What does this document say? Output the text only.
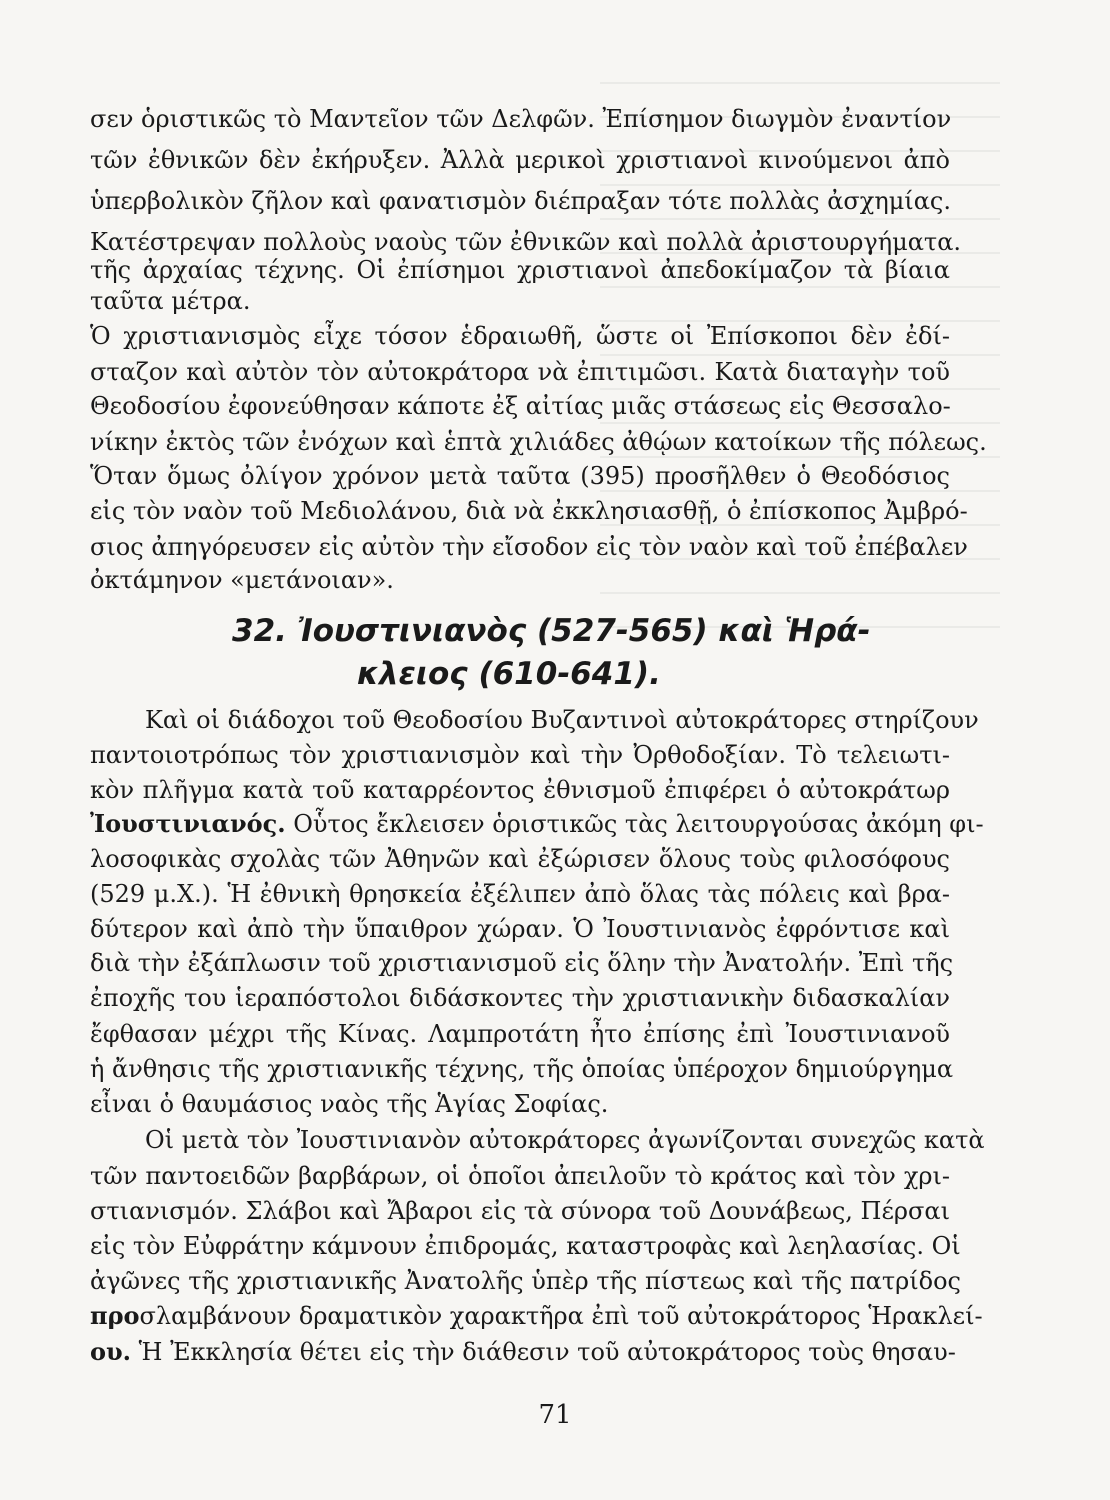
σεν ὁριστικῶς τὸ Μαντεῖον τῶν Δελφῶν. Ἐπίσημον διωγμὸν ἐναντίον
τῶν ἐθνικῶν δὲν ἐκήρυξεν. Ἀλλὰ μερικοὶ χριστιανοὶ κινούμενοι ἀπὸ
ὑπερβολικὸν ζῆλον καὶ φανατισμὸν διέπραξαν τότε πολλὰς ἀσχημίας.
Κατέστρεψαν πολλοὺς ναοὺς τῶν ἐθνικῶν καὶ πολλὰ ἀριστουργήματα.
τῆς ἀρχαίας τέχνης. Οἱ ἐπίσημοι χριστιανοὶ ἀπεδοκίμαζον τὰ βίαια
ταῦτα μέτρα.
Ὁ χριστιανισμὸς εἶχε τόσον ἑδραιωθῆ, ὥστε οἱ Ἐπίσκοποι δὲν ἐδί-
σταζον καὶ αὐτὸν τὸν αὐτοκράτορα νὰ ἐπιτιμῶσι. Κατὰ διαταγὴν τοῦ
Θεοδοσίου ἐφονεύθησαν κάποτε ἐξ αἰτίας μιᾶς στάσεως εἰς Θεσσαλο-
νίκην ἐκτὸς τῶν ἐνόχων καὶ ἑπτὰ χιλιάδες ἀθῴων κατοίκων τῆς πόλεως.
Ὅταν ὅμως ὀλίγον χρόνον μετὰ ταῦτα (395) προσῆλθεν ὁ Θεοδόσιος
εἰς τὸν ναὸν τοῦ Μεδιολάνου, διὰ νὰ ἐκκλησιασθῇ, ὁ ἐπίσκοπος Ἀμβρό-
σιος ἀπηγόρευσεν εἰς αὐτὸν τὴν εἴσοδον εἰς τὸν ναὸν καὶ τοῦ ἐπέβαλεν
ὀκτάμηνον «μετάνοιαν».
32. Ἰουστινιανὸς (527-565) καὶ Ἡρά-
κλειος (610-641).
Καὶ οἱ διάδοχοι τοῦ Θεοδοσίου Βυζαντινοὶ αὐτοκράτορες στηρίζουν
παντοιοτρόπως τὸν χριστιανισμὸν καὶ τὴν Ὀρθοδοξίαν. Τὸ τελειωτι-
κὸν πλῆγμα κατὰ τοῦ καταρρέοντος ἐθνισμοῦ ἐπιφέρει ὁ αὐτοκράτωρ
Ἰουστινιανός. Οὗτος ἔκλεισεν ὁριστικῶς τὰς λειτουργούσας ἀκόμη φι-
λοσοφικὰς σχολὰς τῶν Ἀθηνῶν καὶ ἐξώρισεν ὅλους τοὺς φιλοσόφους
(529 μ.Χ.). Ἡ ἐθνικὴ θρησκεία ἐξέλιπεν ἀπὸ ὅλας τὰς πόλεις καὶ βρα-
δύτερον καὶ ἀπὸ τὴν ὕπαιθρον χώραν. Ὁ Ἰουστινιανὸς ἐφρόντισε καὶ
διὰ τὴν ἐξάπλωσιν τοῦ χριστιανισμοῦ εἰς ὅλην τὴν Ἀνατολήν. Ἐπὶ τῆς
ἐποχῆς του ἱεραπόστολοι διδάσκοντες τὴν χριστιανικὴν διδασκαλίαν
ἔφθασαν μέχρι τῆς Κίνας. Λαμπροτάτη ἦτο ἐπίσης ἐπὶ Ἰουστινιανοῦ
ἡ ἄνθησις τῆς χριστιανικῆς τέχνης, τῆς ὁποίας ὑπέροχον δημιούργημα
εἶναι ὁ θαυμάσιος ναὸς τῆς Ἁγίας Σοφίας.
Οἱ μετὰ τὸν Ἰουστινιανὸν αὐτοκράτορες ἀγωνίζονται συνεχῶς κατὰ
τῶν παντοειδῶν βαρβάρων, οἱ ὁποῖοι ἀπειλοῦν τὸ κράτος καὶ τὸν χρι-
στιανισμόν. Σλάβοι καὶ Ἄβαροι εἰς τὰ σύνορα τοῦ Δουνάβεως, Πέρσαι
εἰς τὸν Εὐφράτην κάμνουν ἐπιδρομάς, καταστροφὰς καὶ λεηλασίας. Οἱ
ἀγῶνες τῆς χριστιανικῆς Ἀνατολῆς ὑπὲρ τῆς πίστεως καὶ τῆς πατρίδος
προσλαμβάνουν δραματικὸν χαρακτῆρα ἐπὶ τοῦ αὐτοκράτορος Ἡρακλεί-
ου. Ἡ Ἐκκλησία θέτει εἰς τὴν διάθεσιν τοῦ αὐτοκράτορος τοὺς θησαυ-
71
